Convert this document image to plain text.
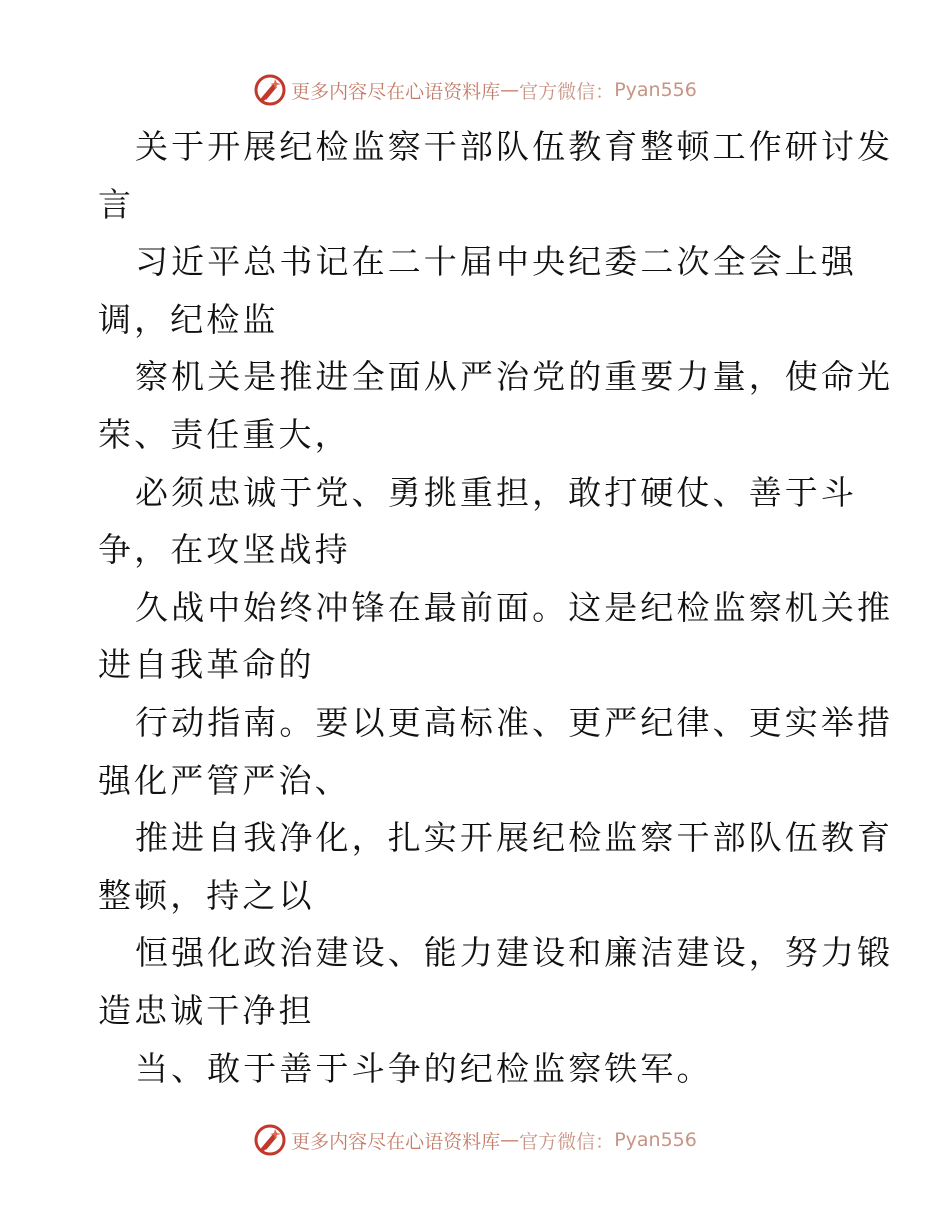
更多内容尽在心语资料库 — 官方微信： Pyan556
关于开展纪检监察干部队伍教育整顿工作研讨发
言
习近平总书记在二十届中央纪委二次全会上强
调，纪检监
察机关是推进全面从严治党的重要力量，使命光
荣、责任重大，
必须忠诚于党、勇挑重担，敢打硬仗、善于斗
争，在攻坚战持
久战中始终冲锋在最前面。这是纪检监察机关推
进自我革命的
行动指南。要以更高标准、更严纪律、更实举措
强化严管严治、
推进自我净化，扎实开展纪检监察干部队伍教育
整顿，持之以
恒强化政治建设、能力建设和廉洁建设，努力锻
造忠诚干净担
当、敢于善于斗争的纪检监察铁军。
更多内容尽在心语资料库 — 官方微信： Pyan556
